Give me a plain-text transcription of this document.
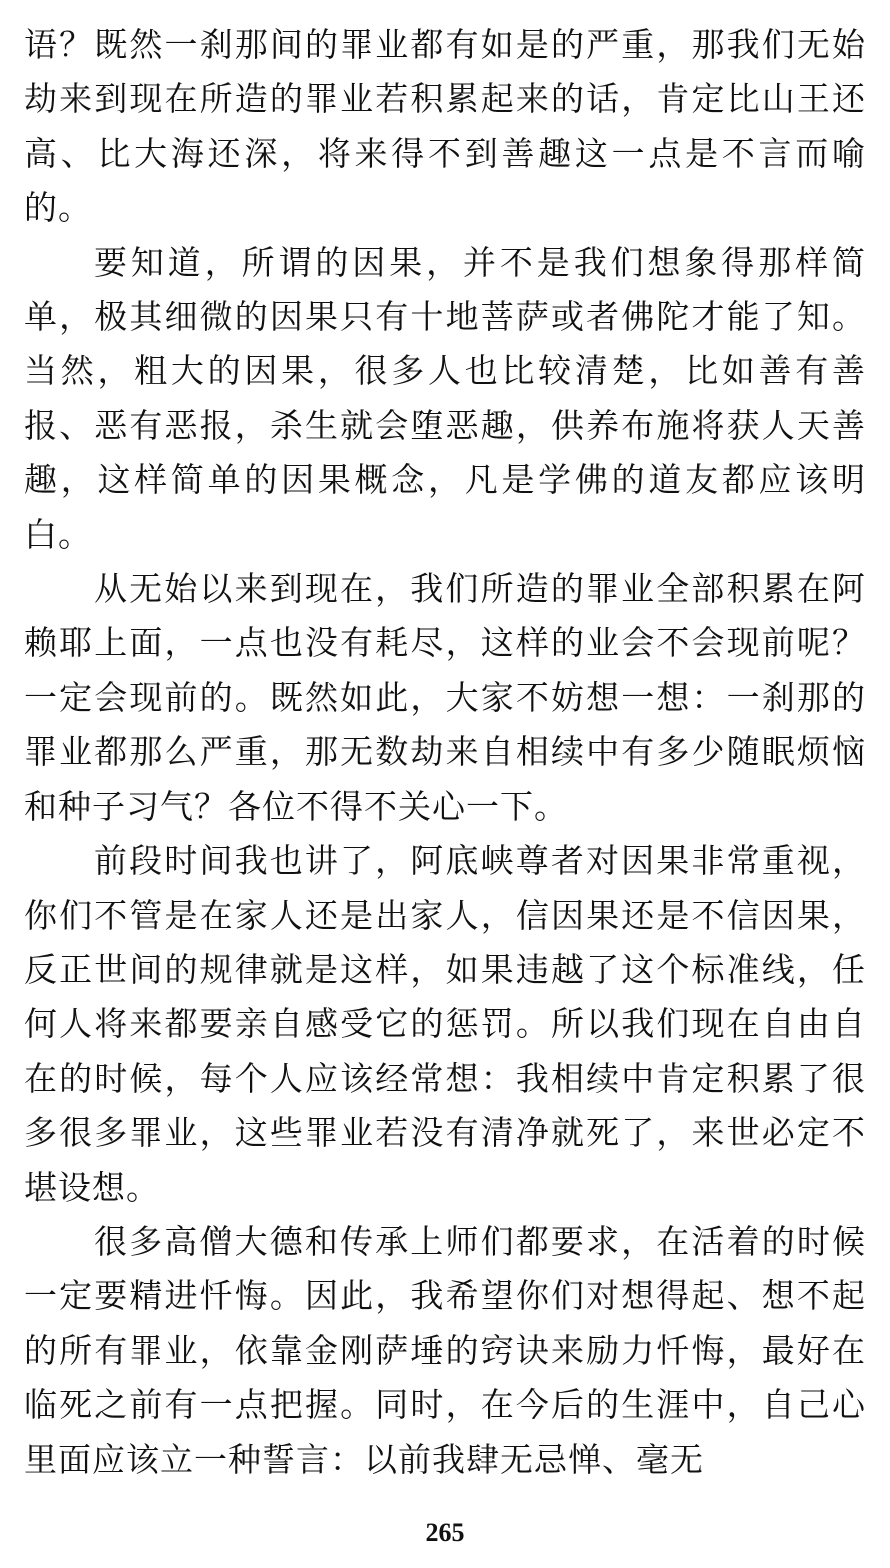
语？既然一刹那间的罪业都有如是的严重，那我们无始劫来到现在所造的罪业若积累起来的话，肯定比山王还高、比大海还深，将来得不到善趣这一点是不言而喻的。

要知道，所谓的因果，并不是我们想象得那样简单，极其细微的因果只有十地菩萨或者佛陀才能了知。当然，粗大的因果，很多人也比较清楚，比如善有善报、恶有恶报，杀生就会堕恶趣，供养布施将获人天善趣，这样简单的因果概念，凡是学佛的道友都应该明白。

从无始以来到现在，我们所造的罪业全部积累在阿赖耶上面，一点也没有耗尽，这样的业会不会现前呢？一定会现前的。既然如此，大家不妨想一想：一刹那的罪业都那么严重，那无数劫来自相续中有多少随眠烦恼和种子习气？各位不得不关心一下。

前段时间我也讲了，阿底峡尊者对因果非常重视，你们不管是在家人还是出家人，信因果还是不信因果，反正世间的规律就是这样，如果违越了这个标准线，任何人将来都要亲自感受它的惩罚。所以我们现在自由自在的时候，每个人应该经常想：我相续中肯定积累了很多很多罪业，这些罪业若没有清净就死了，来世必定不堪设想。

很多高僧大德和传承上师们都要求，在活着的时候一定要精进忏悔。因此，我希望你们对想得起、想不起的所有罪业，依靠金刚萨埵的窍诀来励力忏悔，最好在临死之前有一点把握。同时，在今后的生涯中，自己心里面应该立一种誓言：以前我肆无忌惮、毫无

265
